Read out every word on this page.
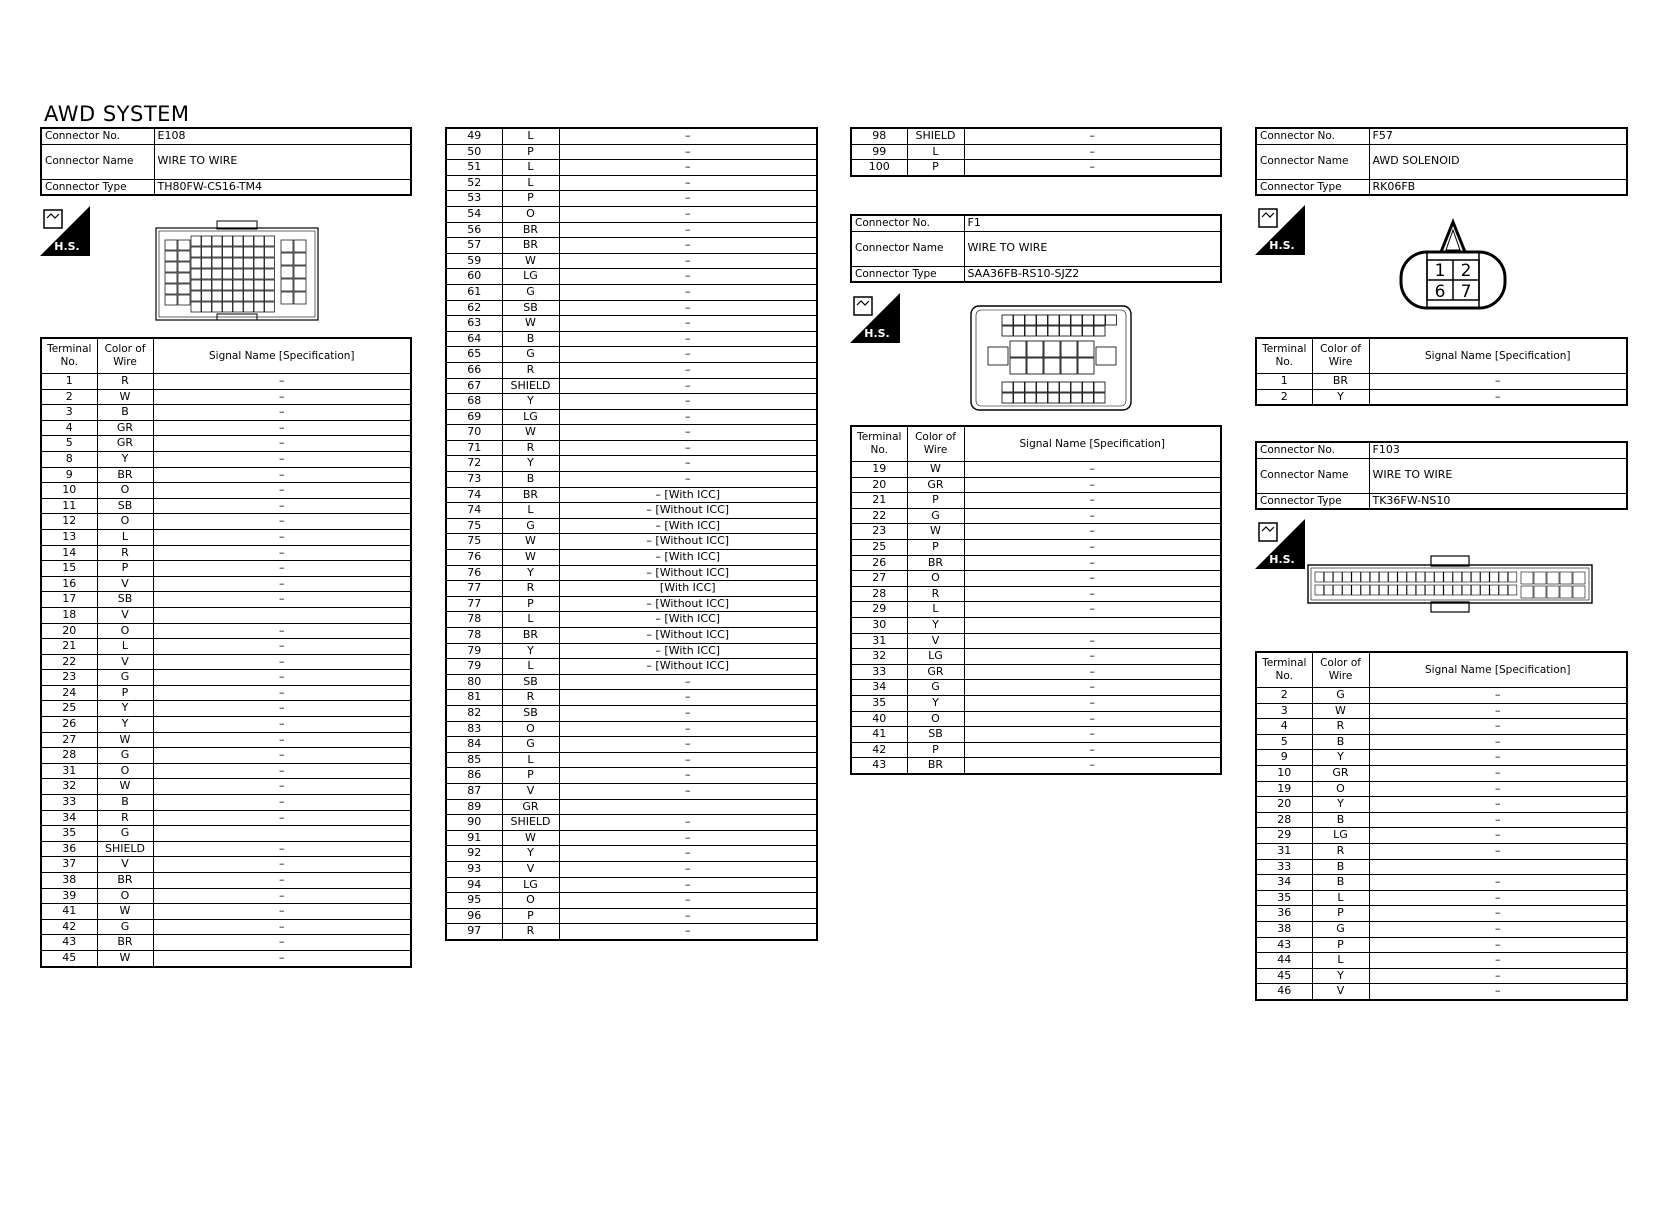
AWD SYSTEM
Connector No.	E108
Connector Name	WIRE TO WIRE
Connector Type	TH80FW-CS16-TM4
H.S.
Terminal No.	Color of Wire	Signal Name [Specification]
1	R	–
2	W	–
3	B	–
4	GR	–
5	GR	–
8	Y	–
9	BR	–
10	O	–
11	SB	–
12	O	–
13	L	–
14	R	–
15	P	–
16	V	–
17	SB	–
18	V	
20	O	–
21	L	–
22	V	–
23	G	–
24	P	–
25	Y	–
26	Y	–
27	W	–
28	G	–
31	O	–
32	W	–
33	B	–
34	R	–
35	G	
36	SHIELD	–
37	V	–
38	BR	–
39	O	–
41	W	–
42	G	–
43	BR	–
45	W	–
49	L	–
50	P	–
51	L	–
52	L	–
53	P	–
54	O	–
56	BR	–
57	BR	–
59	W	–
60	LG	–
61	G	–
62	SB	–
63	W	–
64	B	–
65	G	–
66	R	–
67	SHIELD	–
68	Y	–
69	LG	–
70	W	–
71	R	–
72	Y	–
73	B	–
74	BR	– [With ICC]
74	L	– [Without ICC]
75	G	– [With ICC]
75	W	– [Without ICC]
76	W	– [With ICC]
76	Y	– [Without ICC]
77	R	[With ICC]
77	P	– [Without ICC]
78	L	– [With ICC]
78	BR	– [Without ICC]
79	Y	– [With ICC]
79	L	– [Without ICC]
80	SB	–
81	R	–
82	SB	–
83	O	–
84	G	–
85	L	–
86	P	–
87	V	–
89	GR	
90	SHIELD	–
91	W	–
92	Y	–
93	V	–
94	LG	–
95	O	–
96	P	–
97	R	–
98	SHIELD	–
99	L	–
100	P	–
Connector No.	F1
Connector Name	WIRE TO WIRE
Connector Type	SAA36FB-RS10-SJZ2
H.S.
Terminal No.	Color of Wire	Signal Name [Specification]
19	W	–
20	GR	–
21	P	–
22	G	–
23	W	–
25	P	–
26	BR	–
27	O	–
28	R	–
29	L	–
30	Y	
31	V	–
32	LG	–
33	GR	–
34	G	–
35	Y	–
40	O	–
41	SB	–
42	P	–
43	BR	–
Connector No.	F57
Connector Name	AWD SOLENOID
Connector Type	RK06FB
H.S.
1 2
6 7
Terminal No.	Color of Wire	Signal Name [Specification]
1	BR	–
2	Y	–
Connector No.	F103
Connector Name	WIRE TO WIRE
Connector Type	TK36FW-NS10
H.S.
Terminal No.	Color of Wire	Signal Name [Specification]
2	G	–
3	W	–
4	R	–
5	B	–
9	Y	–
10	GR	–
19	O	–
20	Y	–
28	B	–
29	LG	–
31	R	–
33	B	
34	B	–
35	L	–
36	P	–
38	G	–
43	P	–
44	L	–
45	Y	–
46	V	–
